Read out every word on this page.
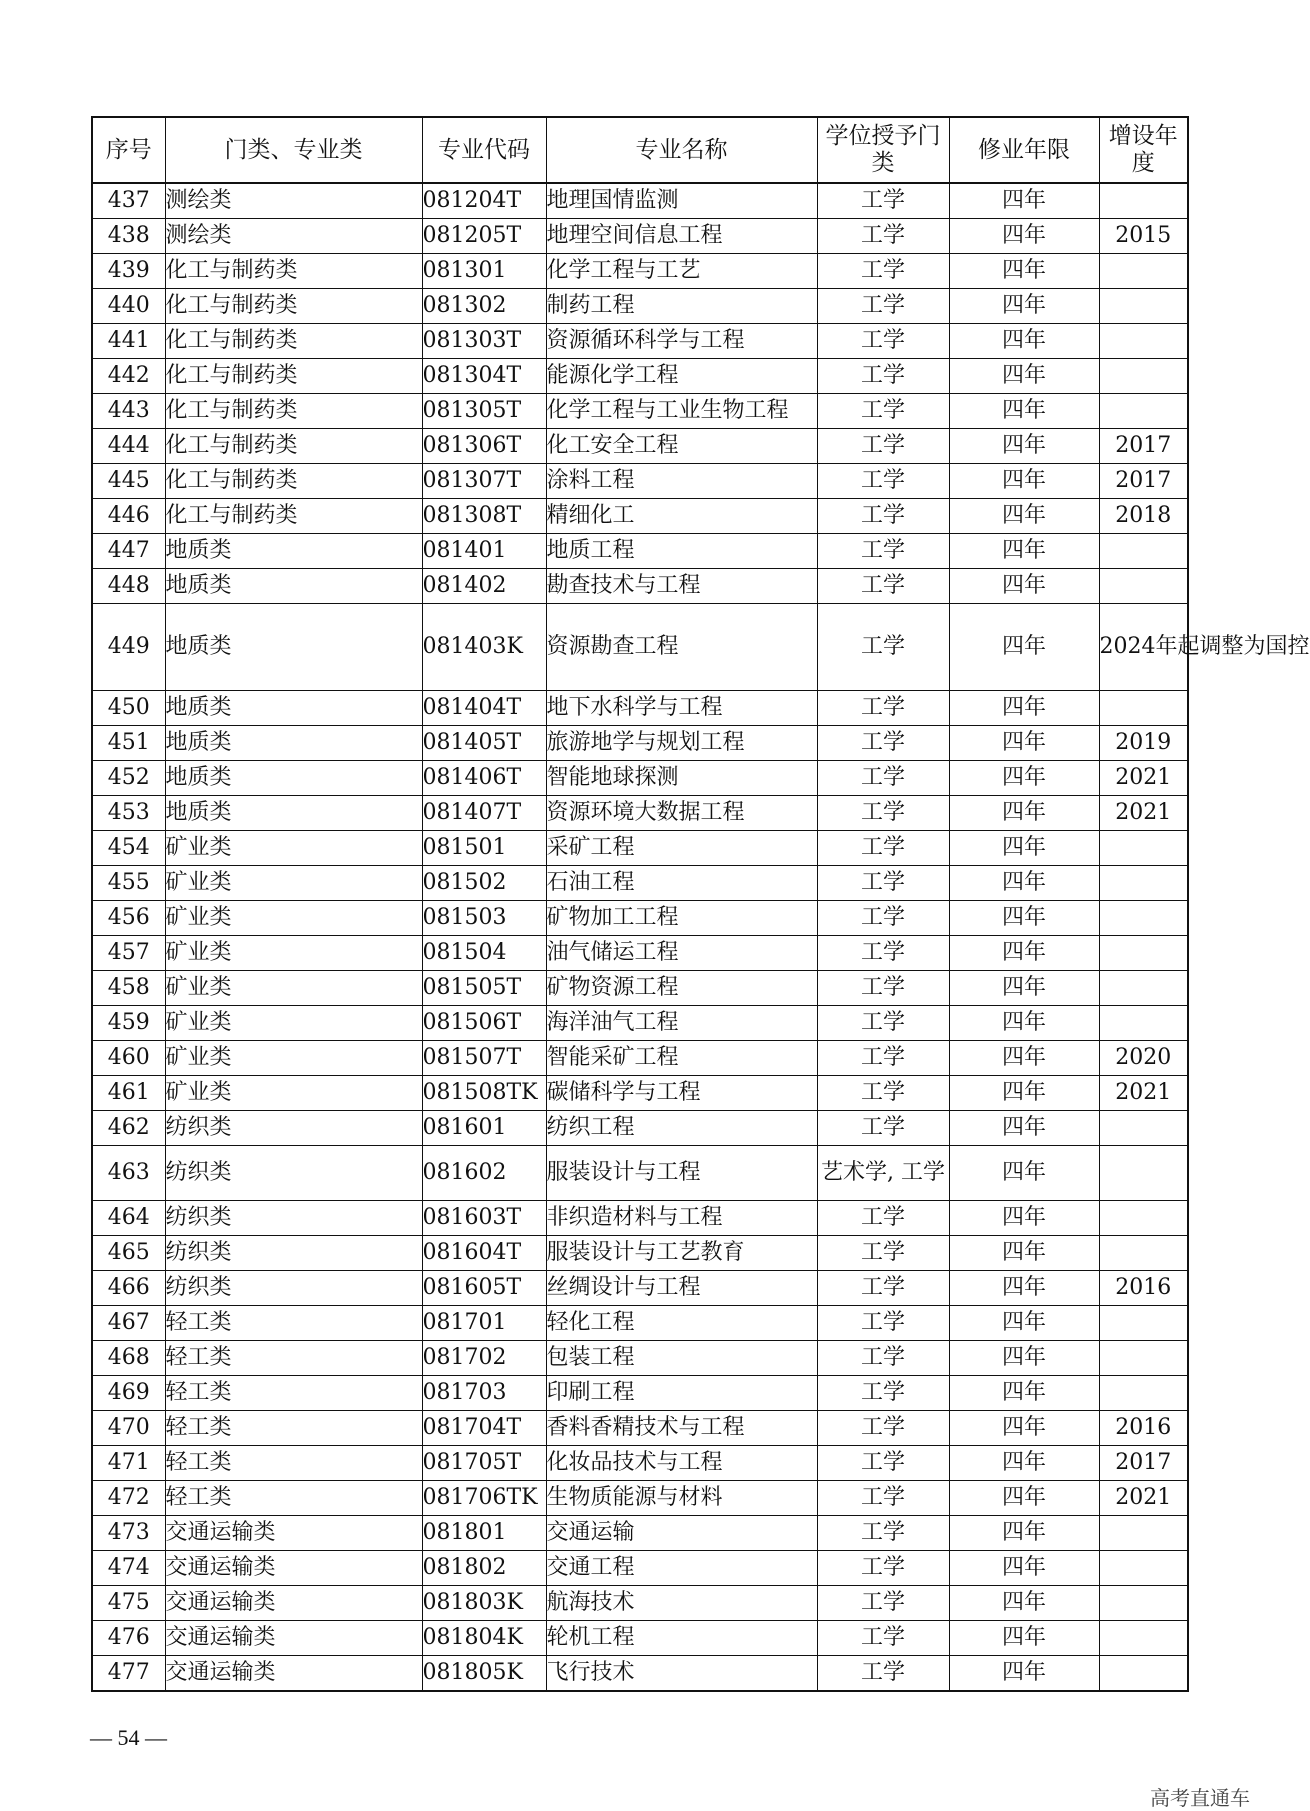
序号	门类、专业类	专业代码	专业名称	学位授予门类	修业年限	增设年度
437	测绘类	081204T	地理国情监测	工学	四年	
438	测绘类	081205T	地理空间信息工程	工学	四年	2015
439	化工与制药类	081301	化学工程与工艺	工学	四年	
440	化工与制药类	081302	制药工程	工学	四年	
441	化工与制药类	081303T	资源循环科学与工程	工学	四年	
442	化工与制药类	081304T	能源化学工程	工学	四年	
443	化工与制药类	081305T	化学工程与工业生物工程	工学	四年	
444	化工与制药类	081306T	化工安全工程	工学	四年	2017
445	化工与制药类	081307T	涂料工程	工学	四年	2017
446	化工与制药类	081308T	精细化工	工学	四年	2018
447	地质类	081401	地质工程	工学	四年	
448	地质类	081402	勘查技术与工程	工学	四年	
449	地质类	081403K	资源勘查工程	工学	四年	2024年起调整为国控
450	地质类	081404T	地下水科学与工程	工学	四年	
451	地质类	081405T	旅游地学与规划工程	工学	四年	2019
452	地质类	081406T	智能地球探测	工学	四年	2021
453	地质类	081407T	资源环境大数据工程	工学	四年	2021
454	矿业类	081501	采矿工程	工学	四年	
455	矿业类	081502	石油工程	工学	四年	
456	矿业类	081503	矿物加工工程	工学	四年	
457	矿业类	081504	油气储运工程	工学	四年	
458	矿业类	081505T	矿物资源工程	工学	四年	
459	矿业类	081506T	海洋油气工程	工学	四年	
460	矿业类	081507T	智能采矿工程	工学	四年	2020
461	矿业类	081508TK	碳储科学与工程	工学	四年	2021
462	纺织类	081601	纺织工程	工学	四年	
463	纺织类	081602	服装设计与工程	艺术学, 工学	四年	
464	纺织类	081603T	非织造材料与工程	工学	四年	
465	纺织类	081604T	服装设计与工艺教育	工学	四年	
466	纺织类	081605T	丝绸设计与工程	工学	四年	2016
467	轻工类	081701	轻化工程	工学	四年	
468	轻工类	081702	包装工程	工学	四年	
469	轻工类	081703	印刷工程	工学	四年	
470	轻工类	081704T	香料香精技术与工程	工学	四年	2016
471	轻工类	081705T	化妆品技术与工程	工学	四年	2017
472	轻工类	081706TK	生物质能源与材料	工学	四年	2021
473	交通运输类	081801	交通运输	工学	四年	
474	交通运输类	081802	交通工程	工学	四年	
475	交通运输类	081803K	航海技术	工学	四年	
476	交通运输类	081804K	轮机工程	工学	四年	
477	交通运输类	081805K	飞行技术	工学	四年	
— 54 —
高考直通车
